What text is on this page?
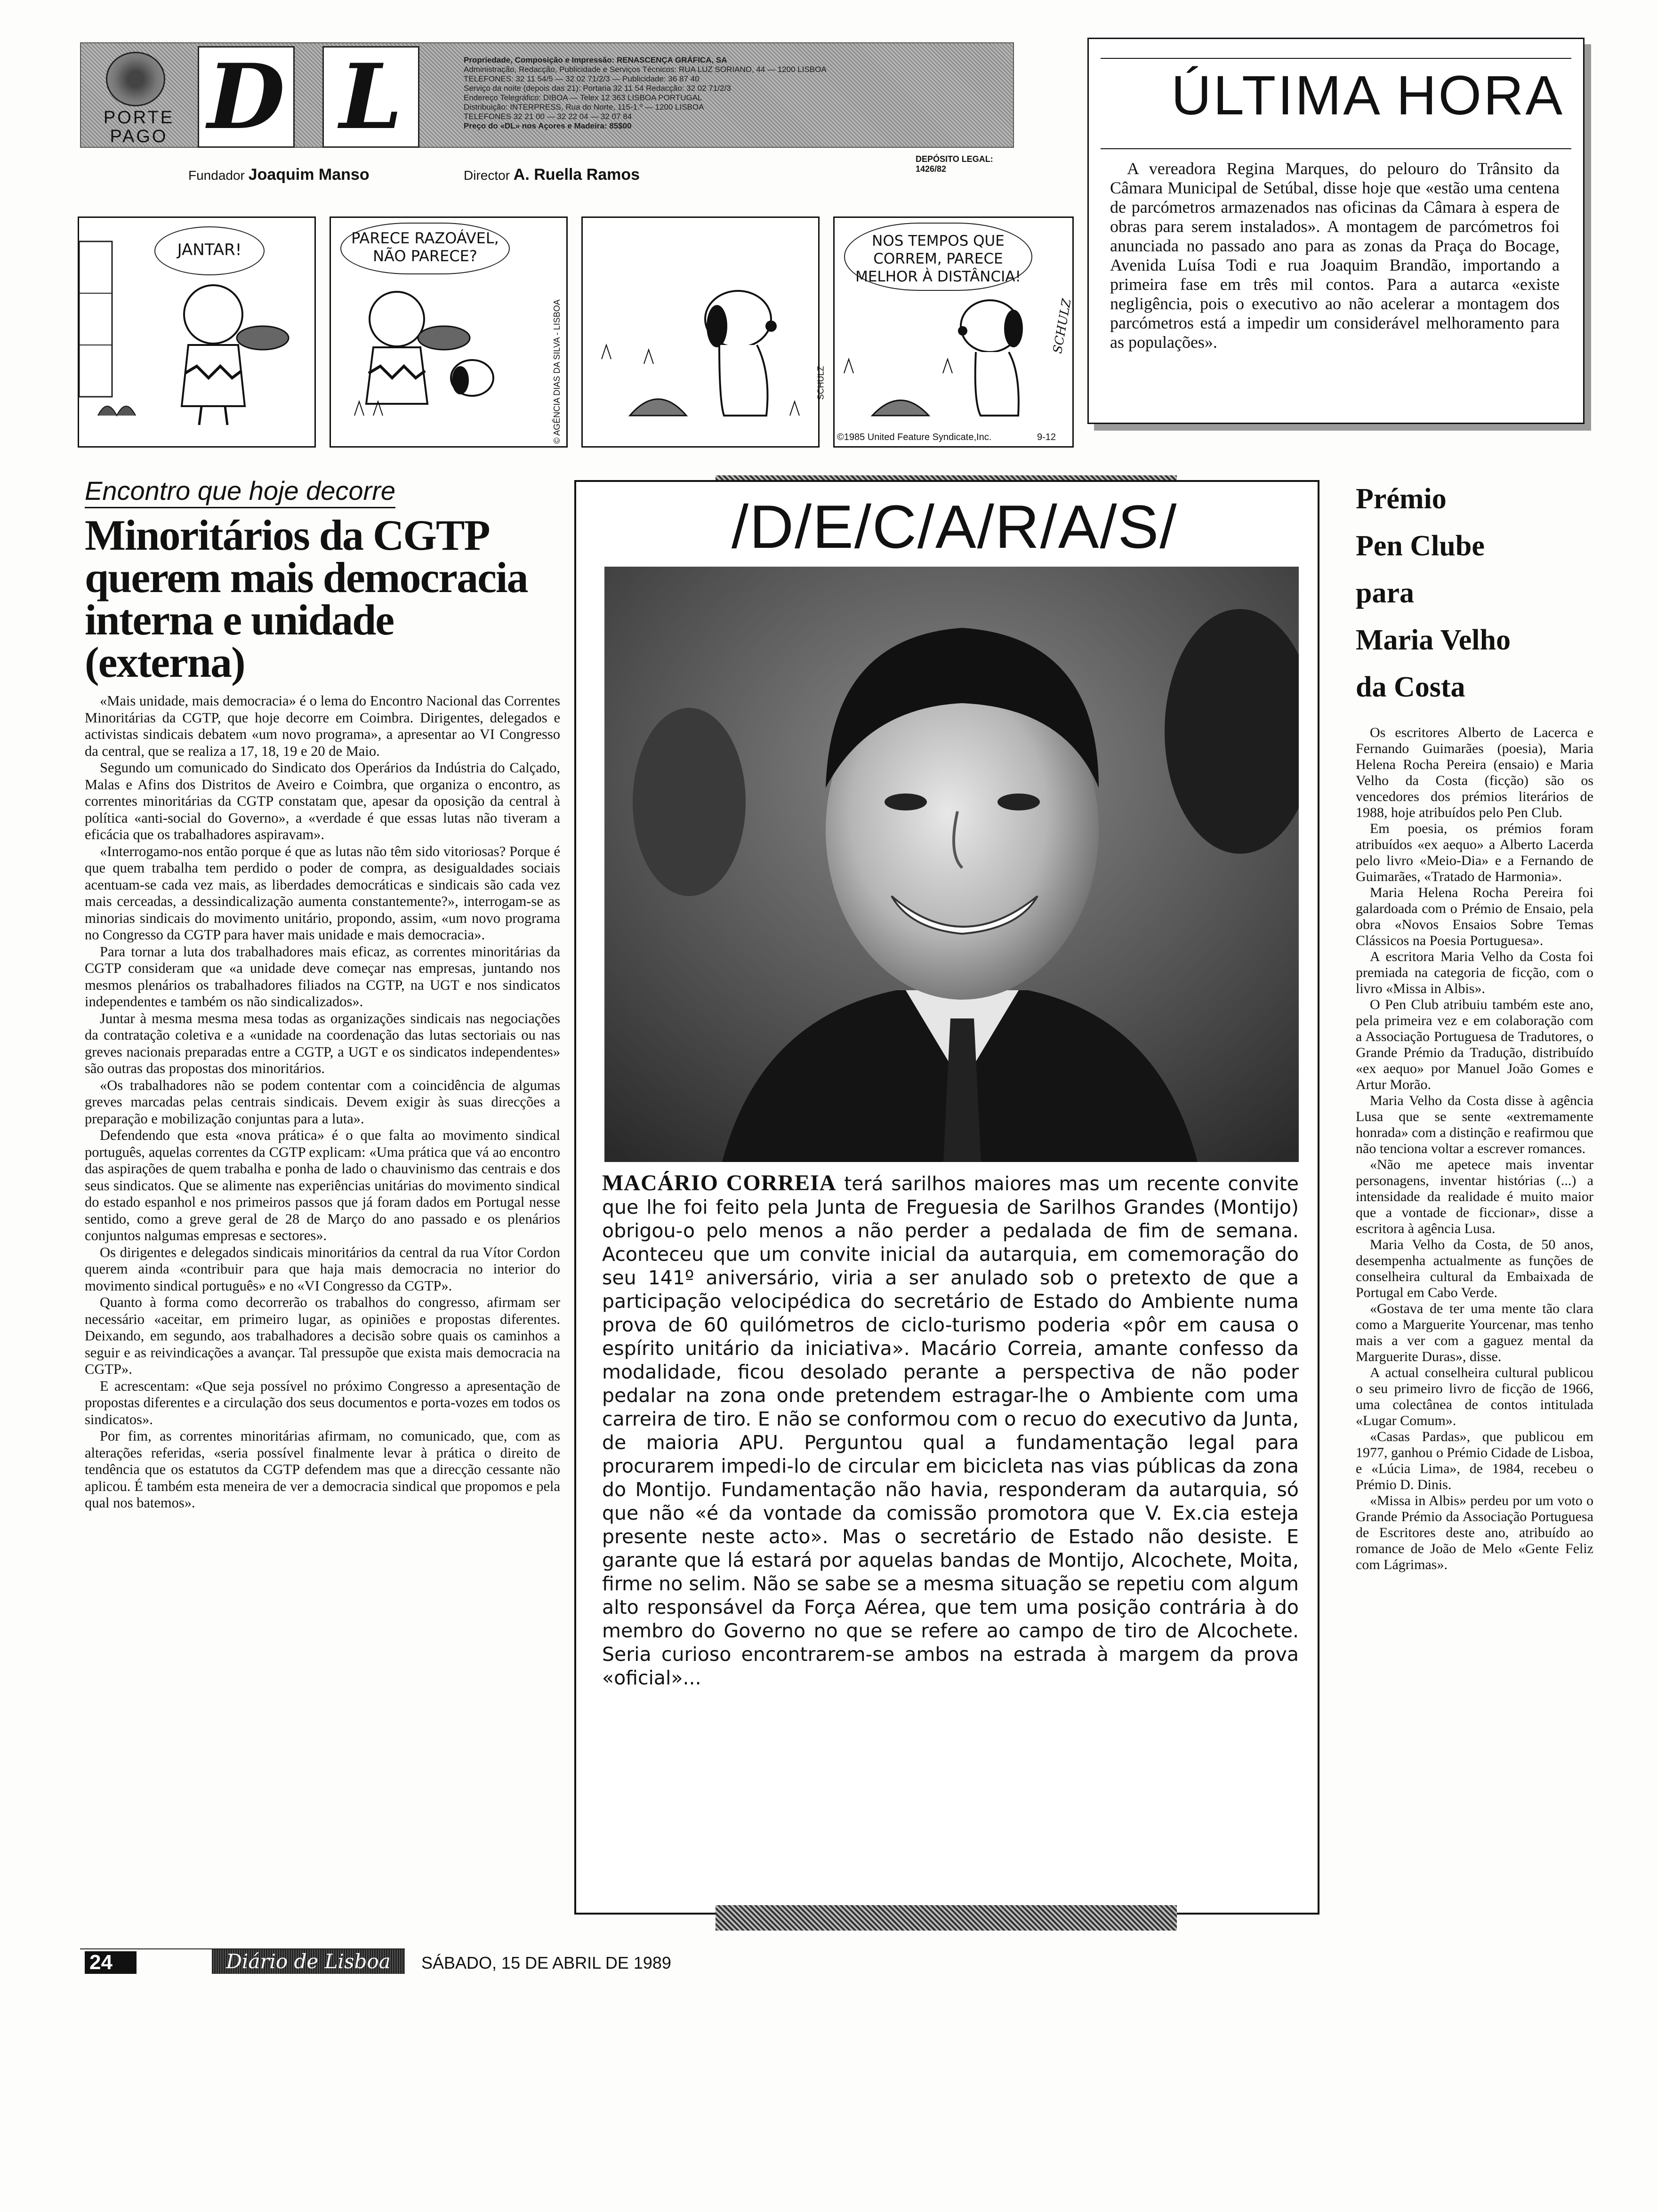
PORTE
PAGO D L	Propriedade, Composição e Impressão: RENASCENÇA GRÁFICA, SA
Administração, Redacção, Publicidade e Serviços Técnicos: RUA LUZ SORIANO, 44 — 1200 LISBOA
TELEFONES: 32 11 54/5 — 32 02 71/2/3 — Publicidade: 36 87 40
Serviço da noite (depois das 21): Portaria 32 11 54 Redacção: 32 02 71/2/3
Endereço Telegráfico: DIBOA — Telex 12 363 LISBOA PORTUGAL
Distribuição: INTERPRESS, Rua do Norte, 115-1.º — 1200 LISBOA
TELEFONES 32 21 00 — 32 22 04 — 32 07 84
Preço do «DL» nos Açores e Madeira: 85$00
DEPÓSITO LEGAL: 1426/82
Fundador Joaquim Manso	Director A. Ruella Ramos
ÚLTIMA HORA
A vereadora Regina Marques, do pelouro do Trânsito da Câmara Municipal de Setúbal, disse hoje que «estão uma centena de parcómetros armazenados nas oficinas da Câmara à espera de obras para serem instalados». A montagem de parcómetros foi anunciada no passado ano para as zonas da Praça do Bocage, Avenida Luísa Todi e rua Joaquim Brandão, importando a primeira fase em três mil contos. Para a autarca «existe negligência, pois o executivo ao não acelerar a montagem dos parcómetros está a impedir um considerável melhoramento para as populações».
JANTAR!
PARECE RAZOÁVEL, NÃO PARECE?
© AGÊNCIA DIAS DA SILVA - LISBOA	SCHULZ
NOS TEMPOS QUE CORREM, PARECE MELHOR À DISTÂNCIA!
SCHULZ
©1985 United Feature Syndicate,Inc.	9-12
Encontro que hoje decorre
Minoritários da CGTP querem mais democracia interna e unidade (externa)

«Mais unidade, mais democracia» é o lema do Encontro Nacional das Correntes Minoritárias da CGTP, que hoje decorre em Coimbra. Dirigentes, delegados e activistas sindicais debatem «um novo programa», a apresentar ao VI Congresso da central, que se realiza a 17, 18, 19 e 20 de Maio.

Segundo um comunicado do Sindicato dos Operários da Indústria do Calçado, Malas e Afins dos Distritos de Aveiro e Coimbra, que organiza o encontro, as correntes minoritárias da CGTP constatam que, apesar da oposição da central à política «anti-social do Governo», a «verdade é que essas lutas não tiveram a eficácia que os trabalhadores aspiravam».

«Interrogamo-nos então porque é que as lutas não têm sido vitoriosas? Porque é que quem trabalha tem perdido o poder de compra, as desigualdades sociais acentuam-se cada vez mais, as liberdades democráticas e sindicais são cada vez mais cerceadas, a dessindicalização aumenta constantemente?», interrogam-se as minorias sindicais do movimento unitário, propondo, assim, «um novo programa no Congresso da CGTP para haver mais unidade e mais democracia».

Para tornar a luta dos trabalhadores mais eficaz, as correntes minoritárias da CGTP consideram que «a unidade deve começar nas empresas, juntando nos mesmos plenários os trabalhadores filiados na CGTP, na UGT e nos sindicatos independentes e também os não sindicalizados».

Juntar à mesma mesma mesa todas as organizações sindicais nas negociações da contratação coletiva e a «unidade na coordenação das lutas sectoriais ou nas greves nacionais preparadas entre a CGTP, a UGT e os sindicatos independentes» são outras das propostas dos minoritários.

«Os trabalhadores não se podem contentar com a coincidência de algumas greves marcadas pelas centrais sindicais. Devem exigir às suas direcções a preparação e mobilização conjuntas para a luta».

Defendendo que esta «nova prática» é o que falta ao movimento sindical português, aquelas correntes da CGTP explicam: «Uma prática que vá ao encontro das aspirações de quem trabalha e ponha de lado o chauvinismo das centrais e dos seus sindicatos. Que se alimente nas experiências unitárias do movimento sindical do estado espanhol e nos primeiros passos que já foram dados em Portugal nesse sentido, como a greve geral de 28 de Março do ano passado e os plenários conjuntos nalgumas empresas e sectores».

Os dirigentes e delegados sindicais minoritários da central da rua Vítor Cordon querem ainda «contribuir para que haja mais democracia no interior do movimento sindical português» e no «VI Congresso da CGTP».

Quanto à forma como decorrerão os trabalhos do congresso, afirmam ser necessário «aceitar, em primeiro lugar, as opiniões e propostas diferentes. Deixando, em segundo, aos trabalhadores a decisão sobre quais os caminhos a seguir e as reivindicações a avançar. Tal pressupõe que exista mais democracia na CGTP».

E acrescentam: «Que seja possível no próximo Congresso a apresentação de propostas diferentes e a circulação dos seus documentos e porta-vozes em todos os sindicatos».

Por fim, as correntes minoritárias afirmam, no comunicado, que, com as alterações referidas, «seria possível finalmente levar à prática o direito de tendência que os estatutos da CGTP defendem mas que a direcção cessante não aplicou. É também esta meneira de ver a democracia sindical que propomos e pela qual nos batemos».

/D/E/C/A/R/A/S/
MACÁRIO CORREIA terá sarilhos maiores mas um recente convite que lhe foi feito pela Junta de Freguesia de Sarilhos Grandes (Montijo) obrigou-o pelo menos a não perder a pedalada de fim de semana. Aconteceu que um convite inicial da autarquia, em comemoração do seu 141º aniversário, viria a ser anulado sob o pretexto de que a participação velocipédica do secretário de Estado do Ambiente numa prova de 60 quilómetros de ciclo-turismo poderia «pôr em causa o espírito unitário da iniciativa». Macário Correia, amante confesso da modalidade, ficou desolado perante a perspectiva de não poder pedalar na zona onde pretendem estragar-lhe o Ambiente com uma carreira de tiro. E não se conformou com o recuo do executivo da Junta, de maioria APU. Perguntou qual a fundamentação legal para procurarem impedi-lo de circular em bicicleta nas vias públicas da zona do Montijo. Fundamentação não havia, responderam da autarquia, só que não «é da vontade da comissão promotora que V. Ex.cia esteja presente neste acto». Mas o secretário de Estado não desiste. E garante que lá estará por aquelas bandas de Montijo, Alcochete, Moita, firme no selim. Não se sabe se a mesma situação se repetiu com algum alto responsável da Força Aérea, que tem uma posição contrária à do membro do Governo no que se refere ao campo de tiro de Alcochete. Seria curioso encontrarem-se ambos na estrada à margem da prova «oficial»...
Prémio
Pen Clube
para
Maria Velho
da Costa

Os escritores Alberto de Lacerca e Fernando Guimarães (poesia), Maria Helena Rocha Pereira (ensaio) e Maria Velho da Costa (ficção) são os vencedores dos prémios literários de 1988, hoje atribuídos pelo Pen Club.

Em poesia, os prémios foram atribuídos «ex aequo» a Alberto Lacerda pelo livro «Meio-Dia» e a Fernando de Guimarães, «Tratado de Harmonia».

Maria Helena Rocha Pereira foi galardoada com o Prémio de Ensaio, pela obra «Novos Ensaios Sobre Temas Clássicos na Poesia Portuguesa».

A escritora Maria Velho da Costa foi premiada na categoria de ficção, com o livro «Missa in Albis».

O Pen Club atribuiu também este ano, pela primeira vez e em colaboração com a Associação Portuguesa de Tradutores, o Grande Prémio da Tradução, distribuído «ex aequo» por Manuel João Gomes e Artur Morão.

Maria Velho da Costa disse à agência Lusa que se sente «extremamente honrada» com a distinção e reafirmou que não tenciona voltar a escrever romances.

«Não me apetece mais inventar personagens, inventar histórias (...) a intensidade da realidade é muito maior que a vontade de ficcionar», disse a escritora à agência Lusa.

Maria Velho da Costa, de 50 anos, desempenha actualmente as funções de conselheira cultural da Embaixada de Portugal em Cabo Verde.

«Gostava de ter uma mente tão clara como a Marguerite Yourcenar, mas tenho mais a ver com a gaguez mental da Marguerite Duras», disse.

A actual conselheira cultural publicou o seu primeiro livro de ficção de 1966, uma colectânea de contos intitulada «Lugar Comum».

«Casas Pardas», que publicou em 1977, ganhou o Prémio Cidade de Lisboa, e «Lúcia Lima», de 1984, recebeu o Prémio D. Dinis.

«Missa in Albis» perdeu por um voto o Grande Prémio da Associação Portuguesa de Escritores deste ano, atribuído ao romance de João de Melo «Gente Feliz com Lágrimas».

24	Diário de Lisboa	SÁBADO, 15 DE ABRIL DE 1989
